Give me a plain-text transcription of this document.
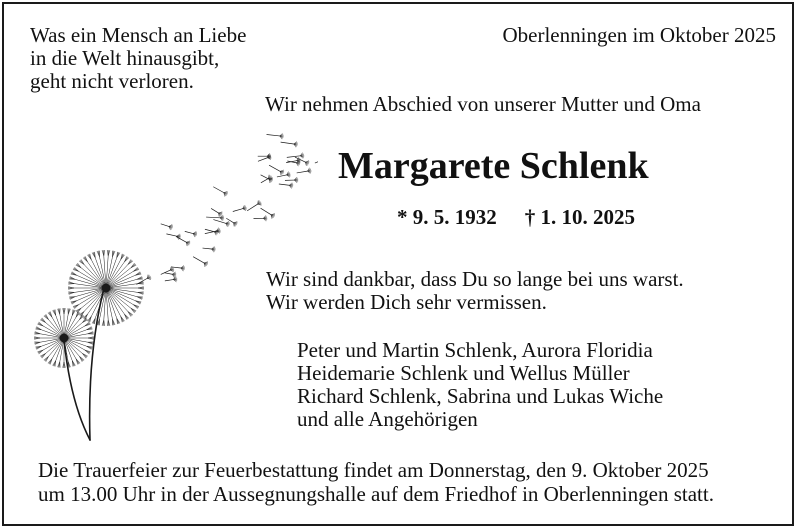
Was ein Mensch an Liebe
in die Welt hinausgibt,
geht nicht verloren.
Oberlenningen im Oktober 2025
Wir nehmen Abschied von unserer Mutter und Oma
Margarete Schlenk
* 9. 5. 1932 † 1. 10. 2025
Wir sind dankbar, dass Du so lange bei uns warst.
Wir werden Dich sehr vermissen.
Peter und Martin Schlenk, Aurora Floridia
Heidemarie Schlenk und Wellus Müller
Richard Schlenk, Sabrina und Lukas Wiche
und alle Angehörigen
Die Trauerfeier zur Feuerbestattung findet am Donnerstag, den 9. Oktober 2025
um 13.00 Uhr in der Aussegnungshalle auf dem Friedhof in Oberlenningen statt.
